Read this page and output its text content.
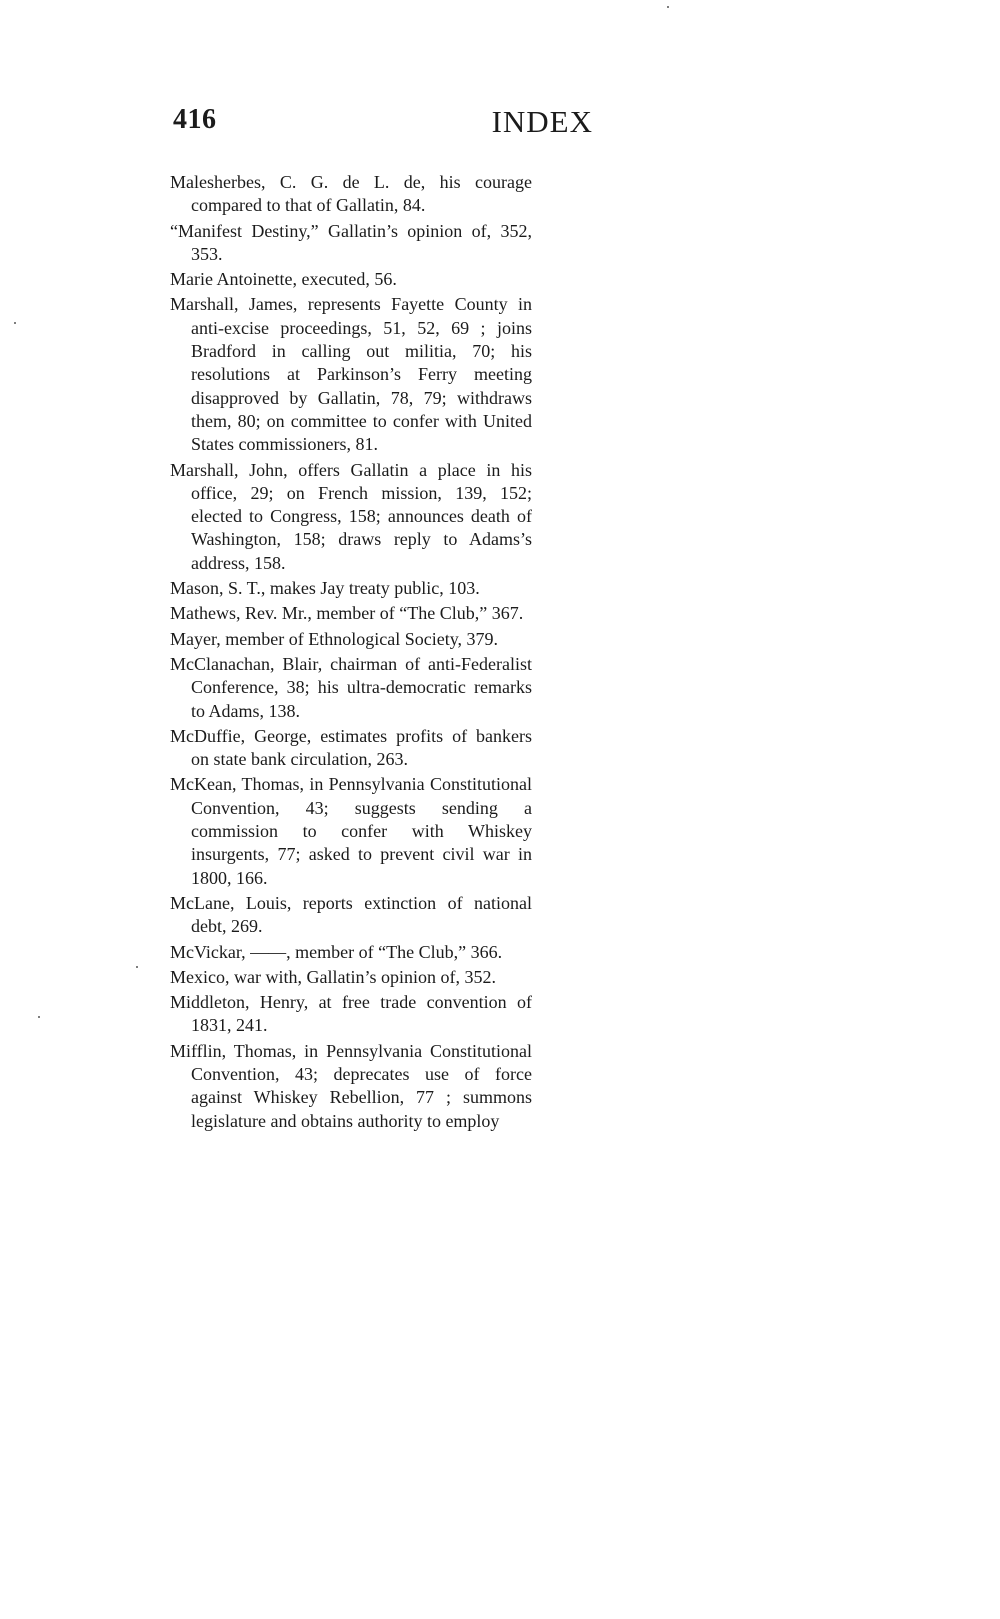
416	INDEX
Malesherbes, C. G. de L. de, his courage compared to that of Gallatin, 84.
“Manifest Destiny,” Gallatin’s opinion of, 352, 353.
Marie Antoinette, executed, 56.
Marshall, James, represents Fayette County in anti-excise proceedings, 51, 52, 69 ; joins Bradford in calling out militia, 70; his resolutions at Parkinson’s Ferry meeting disapproved by Gallatin, 78, 79; withdraws them, 80; on committee to confer with United States commissioners, 81.
Marshall, John, offers Gallatin a place in his office, 29; on French mission, 139, 152; elected to Congress, 158; announces death of Washington, 158; draws reply to Adams’s address, 158.
Mason, S. T., makes Jay treaty public, 103.
Mathews, Rev. Mr., member of “The Club,” 367.
Mayer, member of Ethnological Society, 379.
McClanachan, Blair, chairman of anti-Federalist Conference, 38; his ultra-democratic remarks to Adams, 138.
McDuffie, George, estimates profits of bankers on state bank circulation, 263.
McKean, Thomas, in Pennsylvania Constitutional Convention, 43; suggests sending a commission to confer with Whiskey insurgents, 77; asked to prevent civil war in 1800, 166.
McLane, Louis, reports extinction of national debt, 269.
McVickar, ——, member of “The Club,” 366.
Mexico, war with, Gallatin’s opinion of, 352.
Middleton, Henry, at free trade convention of 1831, 241.
Mifflin, Thomas, in Pennsylvania Constitutional Convention, 43; deprecates use of force against Whiskey Rebellion, 77 ; summons legislature and obtains authority to employ
